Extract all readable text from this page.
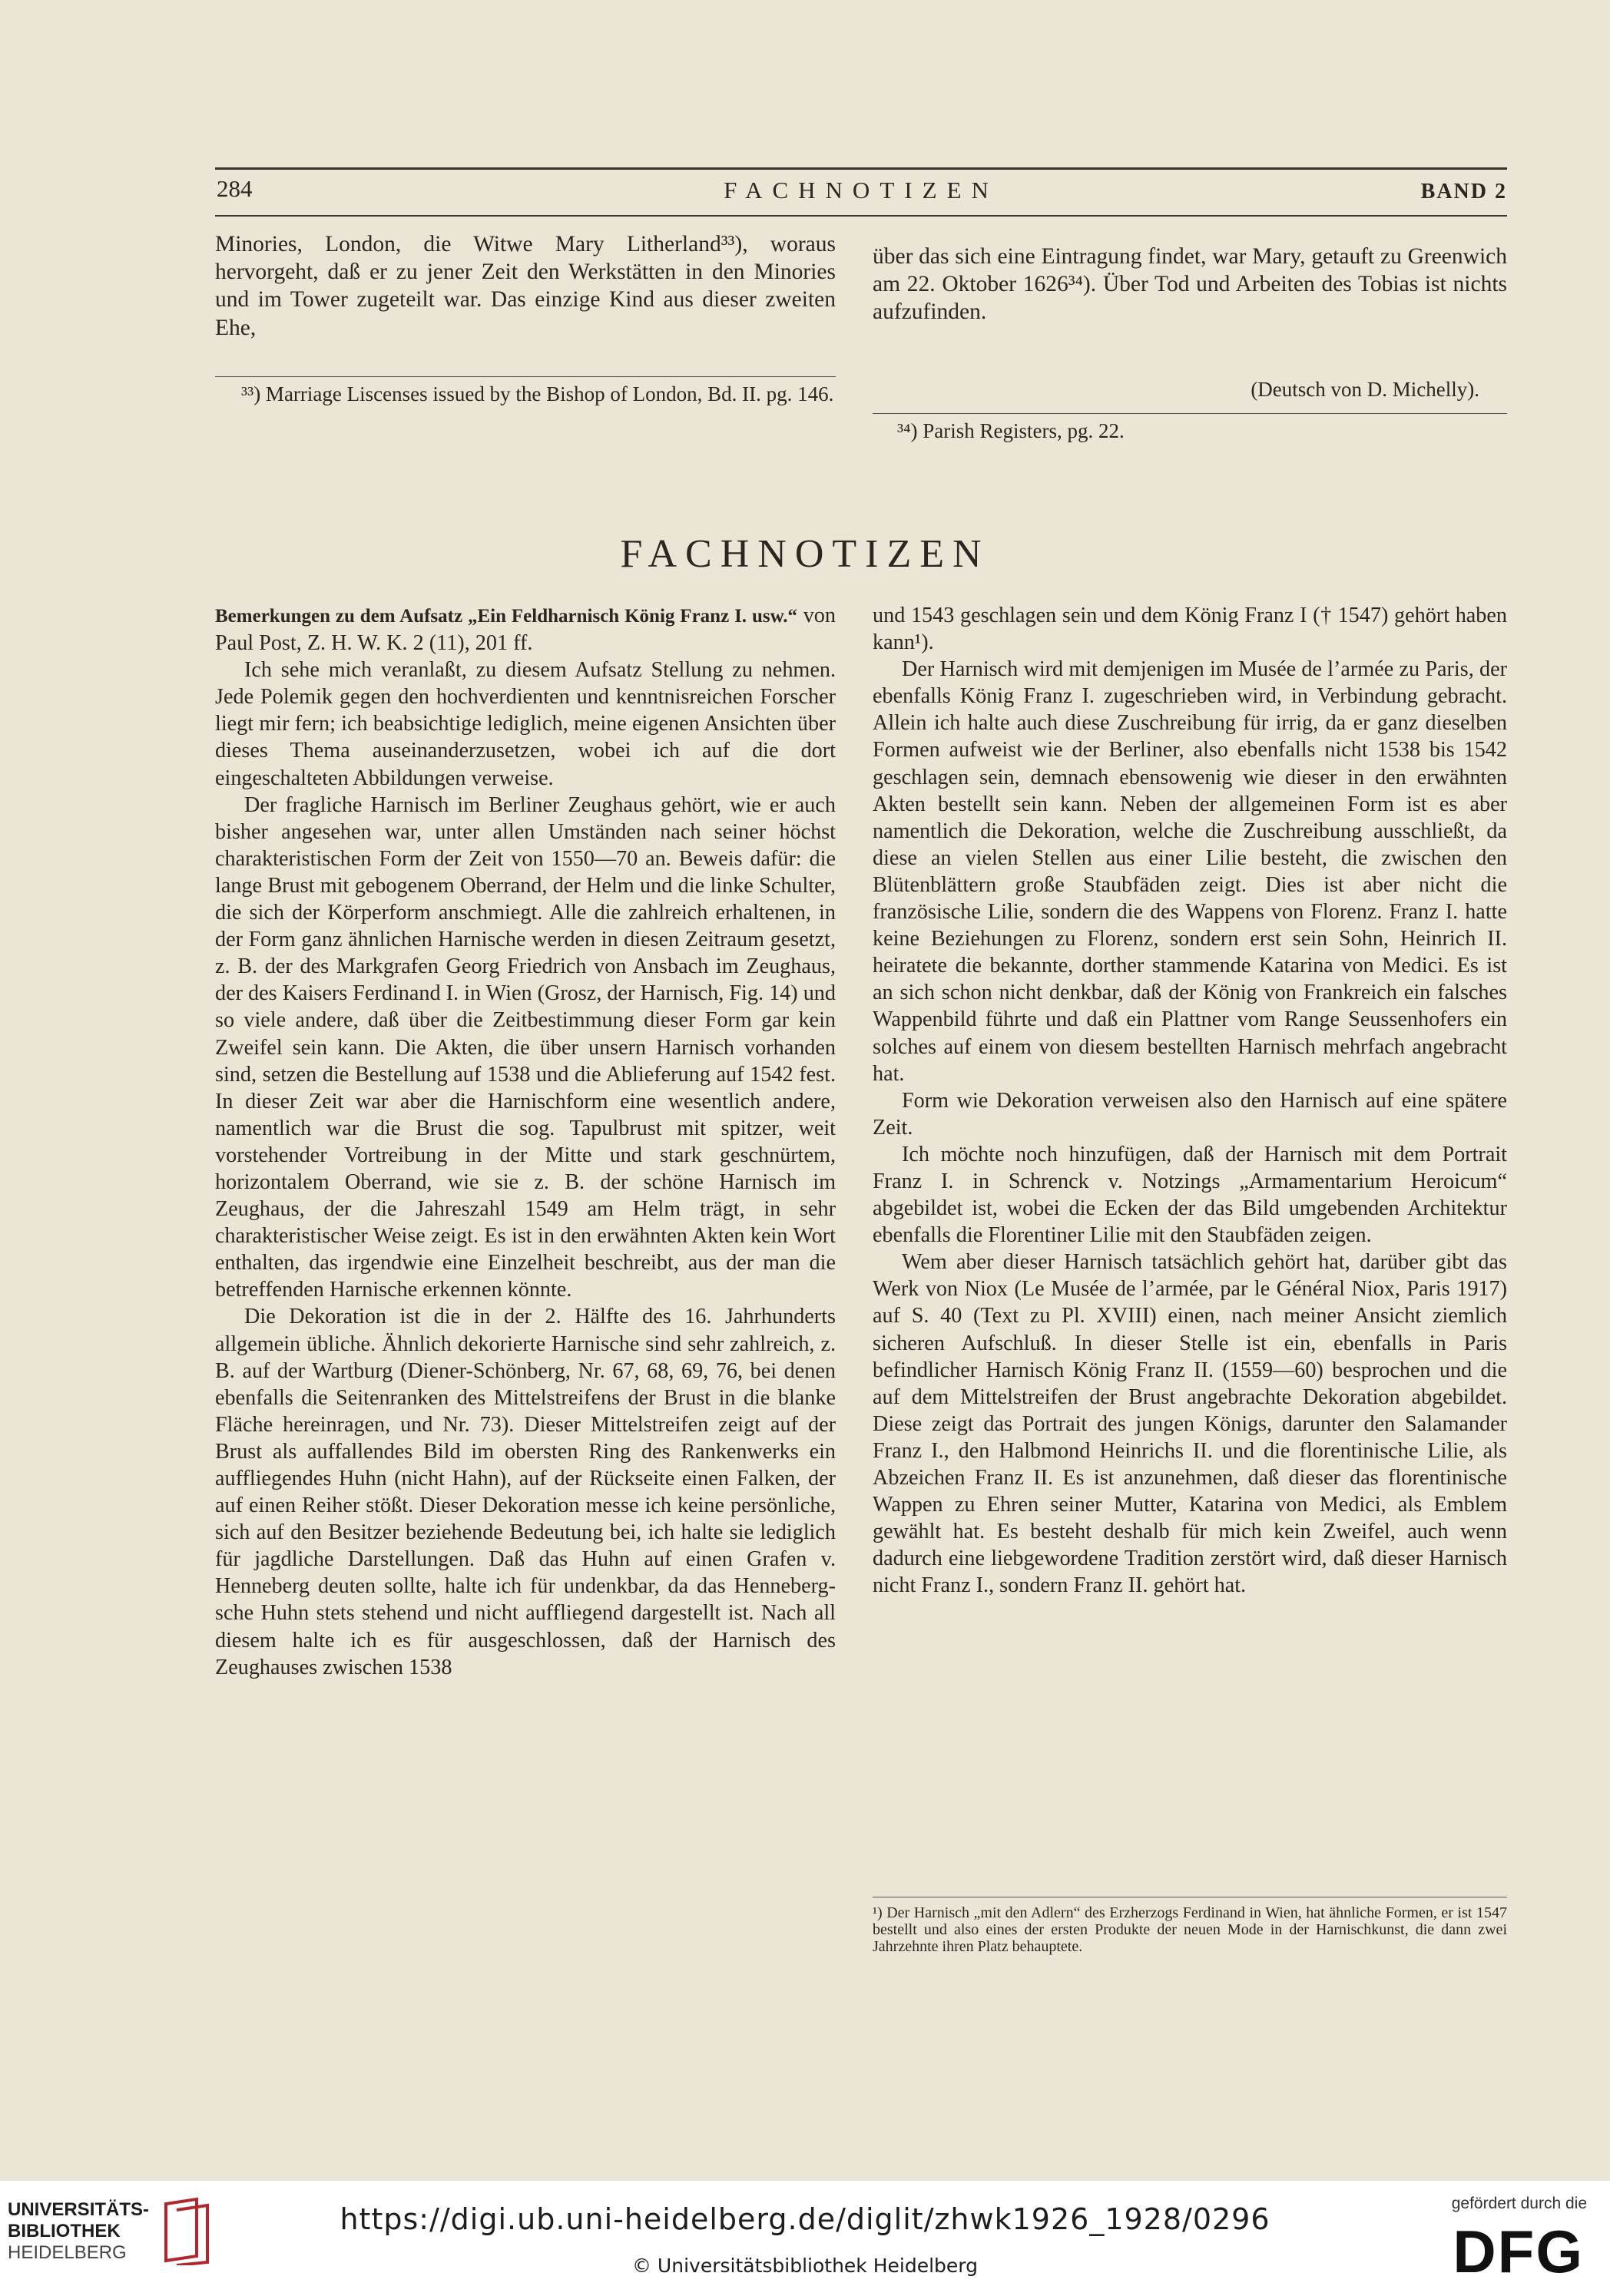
284	FACHNOTIZEN	BAND 2

Minories, London, die Witwe Mary Litherland³³), woraus hervorgeht, daß er zu jener Zeit den Werkstätten in den Minories und im Tower zugeteilt war. Das einzige Kind aus dieser zweiten Ehe,

³³) Marriage Liscenses issued by the Bishop of London, Bd. II. pg. 146.

über das sich eine Eintragung findet, war Mary, getauft zu Greenwich am 22. Oktober 1626³⁴). Über Tod und Arbeiten des Tobias ist nichts aufzufinden.

(Deutsch von D. Michelly).
³⁴) Parish Registers, pg. 22.
FACHNOTIZEN

Bemerkungen zu dem Aufsatz „Ein Feldharnisch König Franz I. usw.“ von Paul Post, Z. H. W. K. 2 (11), 201 ff.

Ich sehe mich veranlaßt, zu diesem Aufsatz Stellung zu nehmen. Jede Polemik gegen den hochverdienten und kenntnisreichen Forscher liegt mir fern; ich beabsichtige lediglich, meine eigenen Ansichten über dieses Thema auseinanderzusetzen, wobei ich auf die dort eingeschalteten Abbildungen verweise.

Der fragliche Harnisch im Berliner Zeughaus gehört, wie er auch bisher angesehen war, unter allen Umständen nach seiner höchst charakteristischen Form der Zeit von 1550—70 an. Beweis dafür: die lange Brust mit gebogenem Oberrand, der Helm und die linke Schulter, die sich der Körperform anschmiegt. Alle die zahlreich erhaltenen, in der Form ganz ähnlichen Harnische werden in diesen Zeitraum gesetzt, z. B. der des Markgrafen Georg Friedrich von Ansbach im Zeughaus, der des Kaisers Ferdinand I. in Wien (Grosz, der Harnisch, Fig. 14) und so viele andere, daß über die Zeitbestimmung dieser Form gar kein Zweifel sein kann. Die Akten, die über unsern Harnisch vorhanden sind, setzen die Bestellung auf 1538 und die Ablieferung auf 1542 fest. In dieser Zeit war aber die Harnischform eine wesentlich andere, namentlich war die Brust die sog. Tapulbrust mit spitzer, weit vorstehender Vortreibung in der Mitte und stark geschnürtem, horizontalem Oberrand, wie sie z. B. der schöne Harnisch im Zeughaus, der die Jahreszahl 1549 am Helm trägt, in sehr charakteristischer Weise zeigt. Es ist in den erwähnten Akten kein Wort enthalten, das irgendwie eine Einzelheit beschreibt, aus der man die betreffenden Harnische erkennen könnte.

Die Dekoration ist die in der 2. Hälfte des 16. Jahrhunderts allgemein übliche. Ähnlich dekorierte Harnische sind sehr zahlreich, z. B. auf der Wartburg (Diener-Schönberg, Nr. 67, 68, 69, 76, bei denen ebenfalls die Seitenranken des Mittelstreifens der Brust in die blanke Fläche hereinragen, und Nr. 73). Dieser Mittelstreifen zeigt auf der Brust als auffallendes Bild im obersten Ring des Rankenwerks ein auffliegendes Huhn (nicht Hahn), auf der Rückseite einen Falken, der auf einen Reiher stößt. Dieser Dekoration messe ich keine persönliche, sich auf den Besitzer beziehende Bedeutung bei, ich halte sie lediglich für jagdliche Darstellungen. Daß das Huhn auf einen Grafen v. Henneberg deuten sollte, halte ich für undenkbar, da das Hennebergsche Huhn stets stehend und nicht auffliegend dargestellt ist. Nach all diesem halte ich es für ausgeschlossen, daß der Harnisch des Zeughauses zwischen 1538

und 1543 geschlagen sein und dem König Franz I († 1547) gehört haben kann¹).

Der Harnisch wird mit demjenigen im Musée de l’armée zu Paris, der ebenfalls König Franz I. zugeschrieben wird, in Verbindung gebracht. Allein ich halte auch diese Zuschreibung für irrig, da er ganz dieselben Formen aufweist wie der Berliner, also ebenfalls nicht 1538 bis 1542 geschlagen sein, demnach ebensowenig wie dieser in den erwähnten Akten bestellt sein kann. Neben der allgemeinen Form ist es aber namentlich die Dekoration, welche die Zuschreibung ausschließt, da diese an vielen Stellen aus einer Lilie besteht, die zwischen den Blütenblättern große Staubfäden zeigt. Dies ist aber nicht die französische Lilie, sondern die des Wappens von Florenz. Franz I. hatte keine Beziehungen zu Florenz, sondern erst sein Sohn, Heinrich II. heiratete die bekannte, dorther stammende Katarina von Medici. Es ist an sich schon nicht denkbar, daß der König von Frankreich ein falsches Wappenbild führte und daß ein Plattner vom Range Seussenhofers ein solches auf einem von diesem bestellten Harnisch mehrfach angebracht hat.

Form wie Dekoration verweisen also den Harnisch auf eine spätere Zeit.

Ich möchte noch hinzufügen, daß der Harnisch mit dem Portrait Franz I. in Schrenck v. Notzings „Armamentarium Heroicum“ abgebildet ist, wobei die Ecken der das Bild umgebenden Architektur ebenfalls die Florentiner Lilie mit den Staubfäden zeigen.

Wem aber dieser Harnisch tatsächlich gehört hat, darüber gibt das Werk von Niox (Le Musée de l’armée, par le Général Niox, Paris 1917) auf S. 40 (Text zu Pl. XVIII) einen, nach meiner Ansicht ziemlich sicheren Aufschluß. In dieser Stelle ist ein, ebenfalls in Paris befindlicher Harnisch König Franz II. (1559—60) besprochen und die auf dem Mittelstreifen der Brust angebrachte Dekoration abgebildet. Diese zeigt das Portrait des jungen Königs, darunter den Salamander Franz I., den Halbmond Heinrichs II. und die florentinische Lilie, als Abzeichen Franz II. Es ist anzunehmen, daß dieser das florentinische Wappen zu Ehren seiner Mutter, Katarina von Medici, als Emblem gewählt hat. Es besteht deshalb für mich kein Zweifel, auch wenn dadurch eine liebgewordene Tradition zerstört wird, daß dieser Harnisch nicht Franz I., sondern Franz II. gehört hat.

¹) Der Harnisch „mit den Adlern“ des Erzherzogs Ferdinand in Wien, hat ähnliche Formen, er ist 1547 bestellt und also eines der ersten Produkte der neuen Mode in der Harnischkunst, die dann zwei Jahrzehnte ihren Platz behauptete.
UNIVERSITÄTS-
BIBLIOTHEK
HEIDELBERG
https://digi.ub.uni-heidelberg.de/diglit/zhwk1926_1928/0296
© Universitätsbibliothek Heidelberg
gefördert durch die
DFG
